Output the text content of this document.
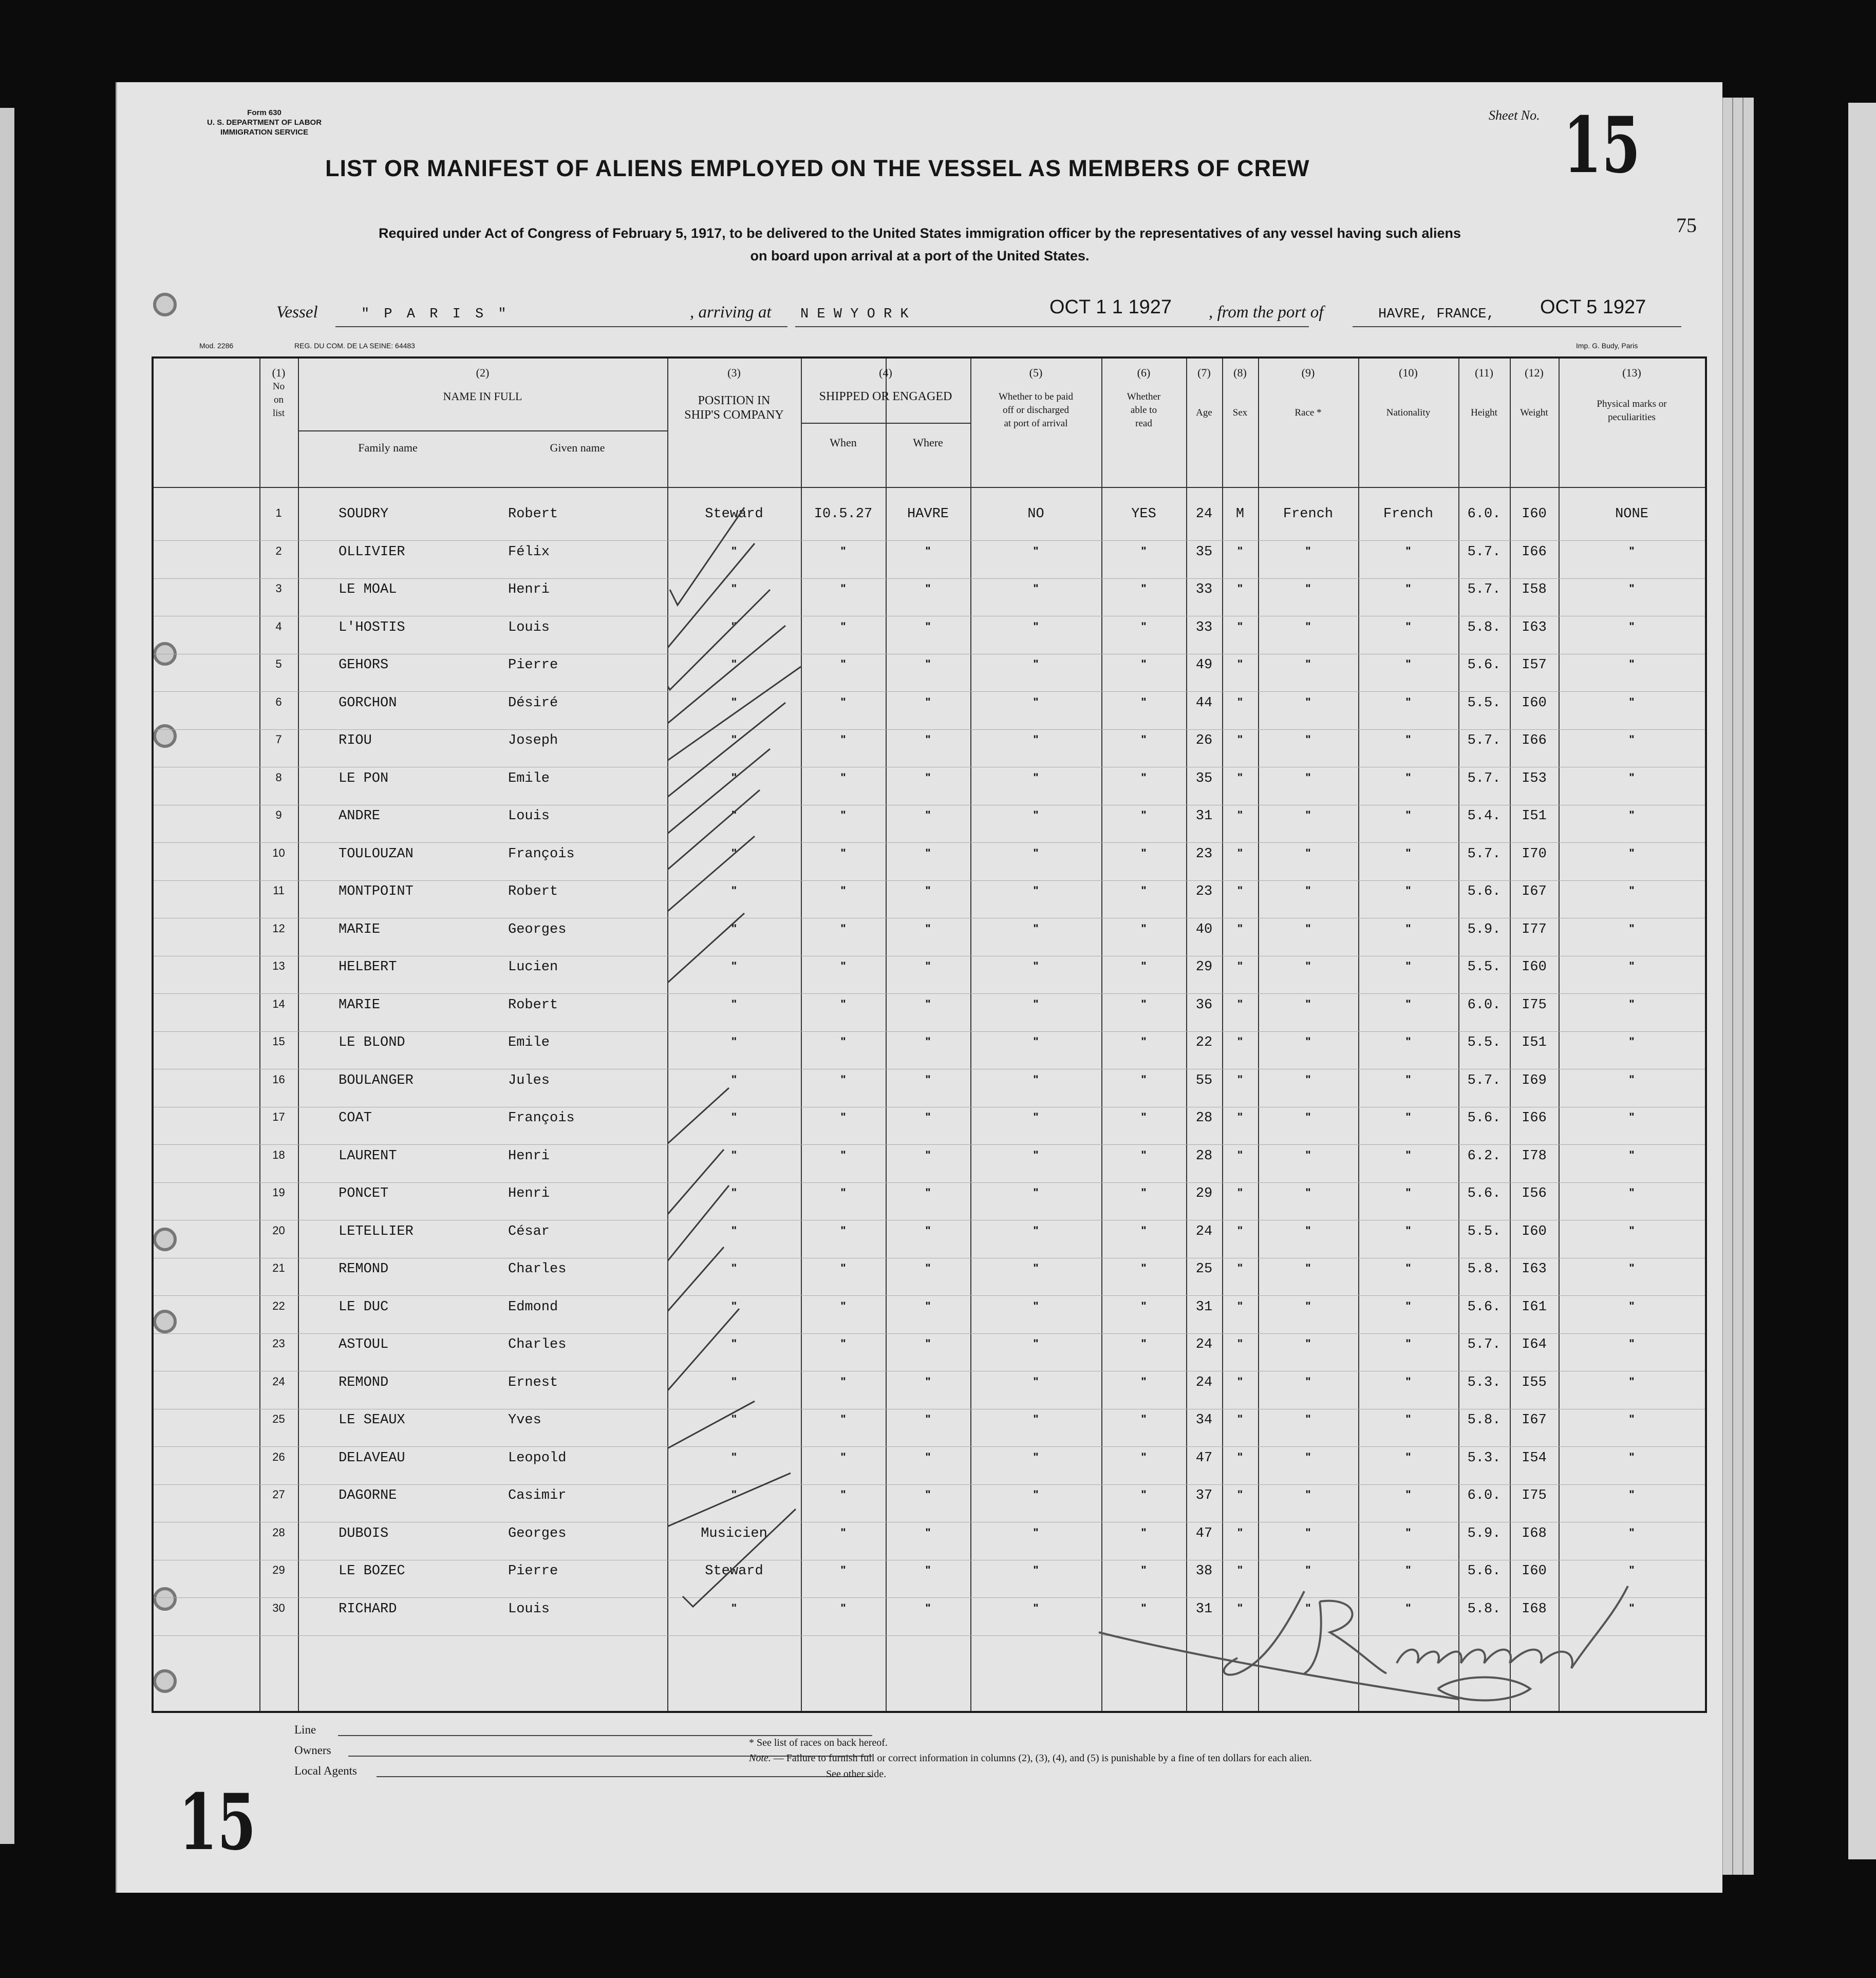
Form 630
U. S. DEPARTMENT OF LABOR
IMMIGRATION SERVICE
Sheet No. 15
75
LIST OR MANIFEST OF ALIENS EMPLOYED ON THE VESSEL AS MEMBERS OF CREW
Required under Act of Congress of February 5, 1917, to be delivered to the United States immigration officer by the representatives of any vessel having such aliens
on board upon arrival at a port of the United States.
Vessel	" P A R I S "	, arriving at N E W Y O R K	OCT 1 1 1927 , from the port of	HAVRE, FRANCE, OCT 5 1927
Mod. 2286	REG. DU COM. DE LA SEINE: 64483	Imp. G. Budy, Paris
(1)
No
on
list
(2)
NAME IN FULL
Family name	Given name
(3)
POSITION IN
SHIP'S COMPANY
(4)
SHIPPED OR ENGAGED
When	Where
(5)
Whether to be paid
off or discharged
at port of arrival
(6)
Whether
able to
read
(7)
Age
(8)
Sex
(9)
Race *
(10)
Nationality
(11)
Height
(12)
Weight
(13)
Physical marks or
peculiarities
1	SOUDRY	Robert	Steward	I0.5.27	HAVRE	NO	YES	24	M	French	French	6.0.	I60	NONE
2	OLLIVIER	Félix	"	"	"	"	"	35	"	"	"	5.7.	I66	"
3	LE MOAL	Henri	"	"	"	"	"	33	"	"	"	5.7.	I58	"
4	L'HOSTIS	Louis	"	"	"	"	"	33	"	"	"	5.8.	I63	"
5	GEHORS	Pierre	"	"	"	"	"	49	"	"	"	5.6.	I57	"
6	GORCHON	Désiré	"	"	"	"	"	44	"	"	"	5.5.	I60	"
7	RIOU	Joseph	"	"	"	"	"	26	"	"	"	5.7.	I66	"
8	LE PON	Emile	"	"	"	"	"	35	"	"	"	5.7.	I53	"
9	ANDRE	Louis	"	"	"	"	"	31	"	"	"	5.4.	I51	"
10	TOULOUZAN	François	"	"	"	"	"	23	"	"	"	5.7.	I70	"
11	MONTPOINT	Robert	"	"	"	"	"	23	"	"	"	5.6.	I67	"
12	MARIE	Georges	"	"	"	"	"	40	"	"	"	5.9.	I77	"
13	HELBERT	Lucien	"	"	"	"	"	29	"	"	"	5.5.	I60	"
14	MARIE	Robert	"	"	"	"	"	36	"	"	"	6.0.	I75	"
15	LE BLOND	Emile	"	"	"	"	"	22	"	"	"	5.5.	I51	"
16	BOULANGER	Jules	"	"	"	"	"	55	"	"	"	5.7.	I69	"
17	COAT	François	"	"	"	"	"	28	"	"	"	5.6.	I66	"
18	LAURENT	Henri	"	"	"	"	"	28	"	"	"	6.2.	I78	"
19	PONCET	Henri	"	"	"	"	"	29	"	"	"	5.6.	I56	"
20	LETELLIER	César	"	"	"	"	"	24	"	"	"	5.5.	I60	"
21	REMOND	Charles	"	"	"	"	"	25	"	"	"	5.8.	I63	"
22	LE DUC	Edmond	"	"	"	"	"	31	"	"	"	5.6.	I61	"
23	ASTOUL	Charles	"	"	"	"	"	24	"	"	"	5.7.	I64	"
24	REMOND	Ernest	"	"	"	"	"	24	"	"	"	5.3.	I55	"
25	LE SEAUX	Yves	"	"	"	"	"	34	"	"	"	5.8.	I67	"
26	DELAVEAU	Leopold	"	"	"	"	"	47	"	"	"	5.3.	I54	"
27	DAGORNE	Casimir	"	"	"	"	"	37	"	"	"	6.0.	I75	"
28	DUBOIS	Georges	Musicien	"	"	"	"	47	"	"	"	5.9.	I68	"
29	LE BOZEC	Pierre	Steward	"	"	"	"	38	"	"	"	5.6.	I60	"
30	RICHARD	Louis	"	"	"	"	"	31	"	"	"	5.8.	I68	"
Line
Owners
Local Agents
* See list of races on back hereof.
Note. — Failure to furnish full or correct information in columns (2), (3), (4), and (5) is punishable by a fine of ten dollars for each alien.
See other side.
15
